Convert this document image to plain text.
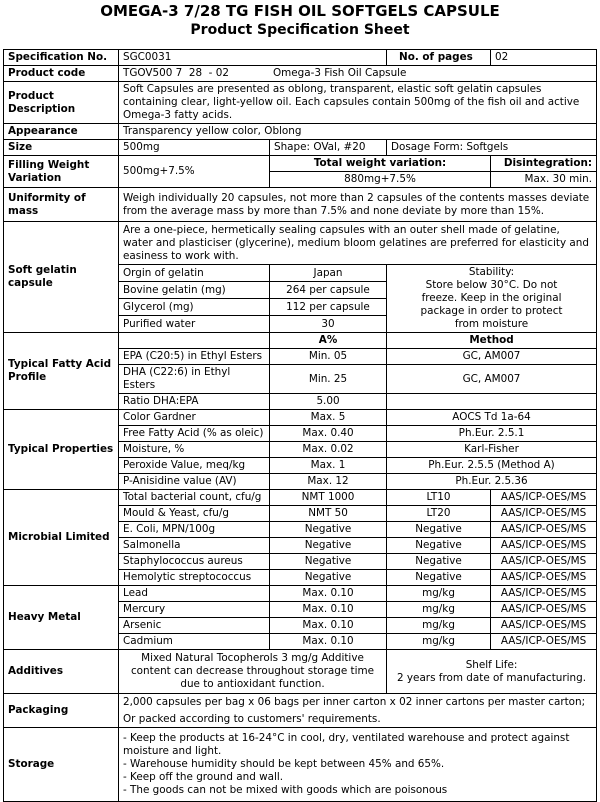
OMEGA-3 7/28 TG FISH OIL SOFTGELS CAPSULE
Product Specification Sheet
Specification No.	SGC0031		No. of pages	02
Product code	TGOV500 7  28  - 02 Omega-3 Fish Oil Capsule			
Product Description	Soft Capsules are presented as oblong, transparent, elastic soft gelatin capsules containing clear, light-yellow oil. Each capsules contain 500mg of the fish oil and active Omega-3 fatty acids.			
Appearance	Transparency yellow color, Oblong			
Size	500mg	Shape: OVal, #20	Dosage Form: Softgels	
Filling Weight Variation	500mg+7.5%	Total weight variation:		Disintegration:
		880mg+7.5%		Max. 30 min.
Uniformity of mass	Weigh individually 20 capsules, not more than 2 capsules of the contents masses deviate from the average mass by more than 7.5% and none deviate by more than 15%.			
Soft gelatin capsule	Are a one-piece, hermetically sealing capsules with an outer shell made of gelatine, water and plasticiser (glycerine), medium bloom gelatines are preferred for elasticity and easiness to work with.			
	Orgin of gelatin	Japan	Stability:
Store below 30°C. Do not freeze. Keep in the original package in order to protect from moisture	

	Bovine gelatin (mg)	264 per capsule		
	Glycerol (mg)	112 per capsule		
	Purified water	30		
Typical Fatty Acid Profile		A%	Method	
	EPA (C20:5) in Ethyl Esters	Min. 05	GC, AM007	
	DHA (C22:6) in Ethyl Esters	Min. 25	GC, AM007	
	Ratio DHA:EPA	5.00		
Typical Properties	Color Gardner	Max. 5	AOCS Td 1a-64	
	Free Fatty Acid (% as oleic)	Max. 0.40	Ph.Eur. 2.5.1	
	Moisture, %	Max. 0.02	Karl-Fisher	
	Peroxide Value, meq/kg	Max. 1	Ph.Eur. 2.5.5 (Method A)	
	P-Anisidine value (AV)	Max. 12	Ph.Eur. 2.5.36	
Microbial Limited	Total bacterial count, cfu/g	NMT 1000	LT10	AAS/ICP-OES/MS
	Mould & Yeast, cfu/g	NMT 50	LT20	AAS/ICP-OES/MS
	E. Coli, MPN/100g	Negative	Negative	AAS/ICP-OES/MS
	Salmonella	Negative	Negative	AAS/ICP-OES/MS
	Staphylococcus aureus	Negative	Negative	AAS/ICP-OES/MS
	Hemolytic streptococcus	Negative	Negative	AAS/ICP-OES/MS
Heavy Metal	Lead	Max. 0.10	mg/kg	AAS/ICP-OES/MS
	Mercury	Max. 0.10	mg/kg	AAS/ICP-OES/MS
	Arsenic	Max. 0.10	mg/kg	AAS/ICP-OES/MS
	Cadmium	Max. 0.10	mg/kg	AAS/ICP-OES/MS
Additives	Mixed Natural Tocopherols 3 mg/g Additive content can decrease throughout storage time due to antioxidant function.		Shelf Life:
2 years from date of manufacturing.	

Packaging	2,000 capsules per bag x 06 bags per inner carton x 02 inner cartons per master carton;
Or packed according to customers' requirements.			

Storage	- Keep the products at 16-24°C in cool, dry, ventilated warehouse and protect against moisture and light.
- Warehouse humidity should be kept between 45% and 65%.
- Keep off the ground and wall.
- The goods can not be mixed with goods which are poisonous			
